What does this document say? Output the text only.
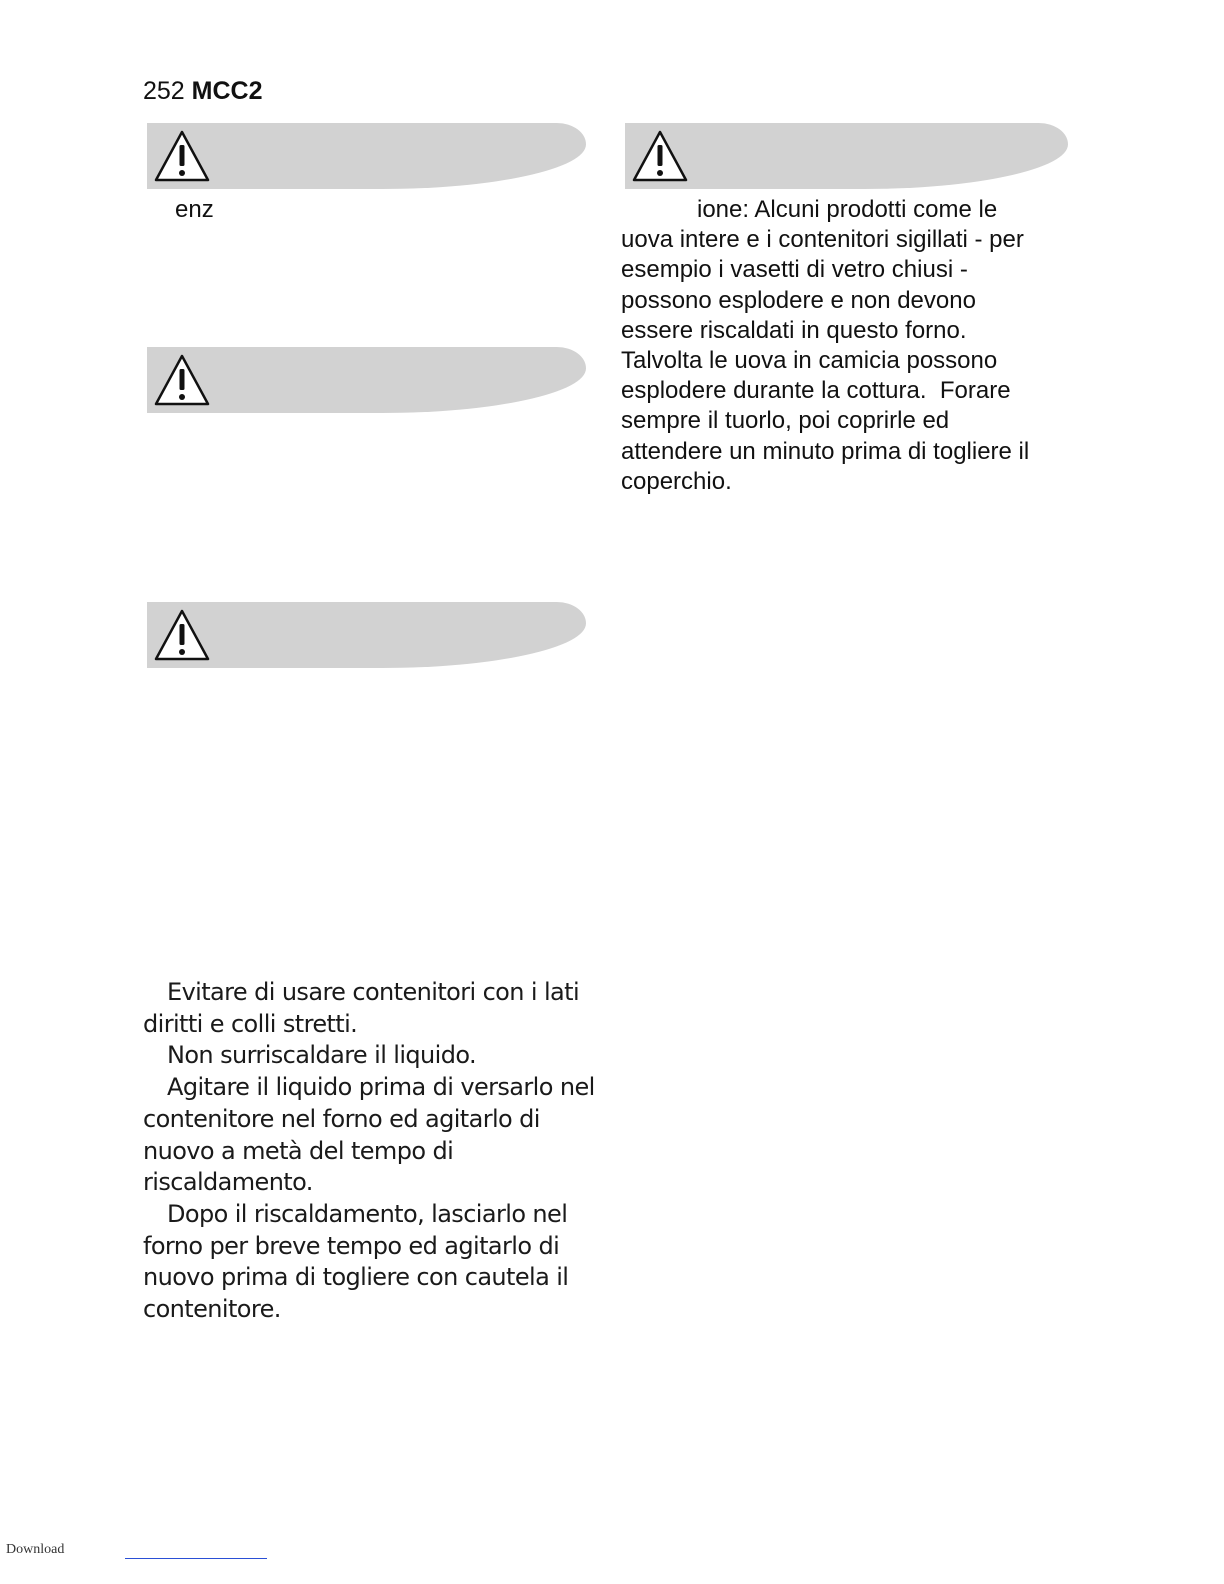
252 MCC2
enz	ione: Alcuni prodotti come le
uova intere e i contenitori sigillati - per
esempio i vasetti di vetro chiusi -
possono esplodere e non devono
essere riscaldati in questo forno.
Talvolta le uova in camicia possono
esplodere durante la cottura.  Forare
sempre il tuorlo, poi coprirle ed
attendere un minuto prima di togliere il
coperchio.

Evitare di usare contenitori con i lati

diritti e colli stretti.

Non surriscaldare il liquido.

Agitare il liquido prima di versarlo nel

contenitore nel forno ed agitarlo di

nuovo a metà del tempo di

riscaldamento.

Dopo il riscaldamento, lasciarlo nel

forno per breve tempo ed agitarlo di

nuovo prima di togliere con cautela il

contenitore.

Download
